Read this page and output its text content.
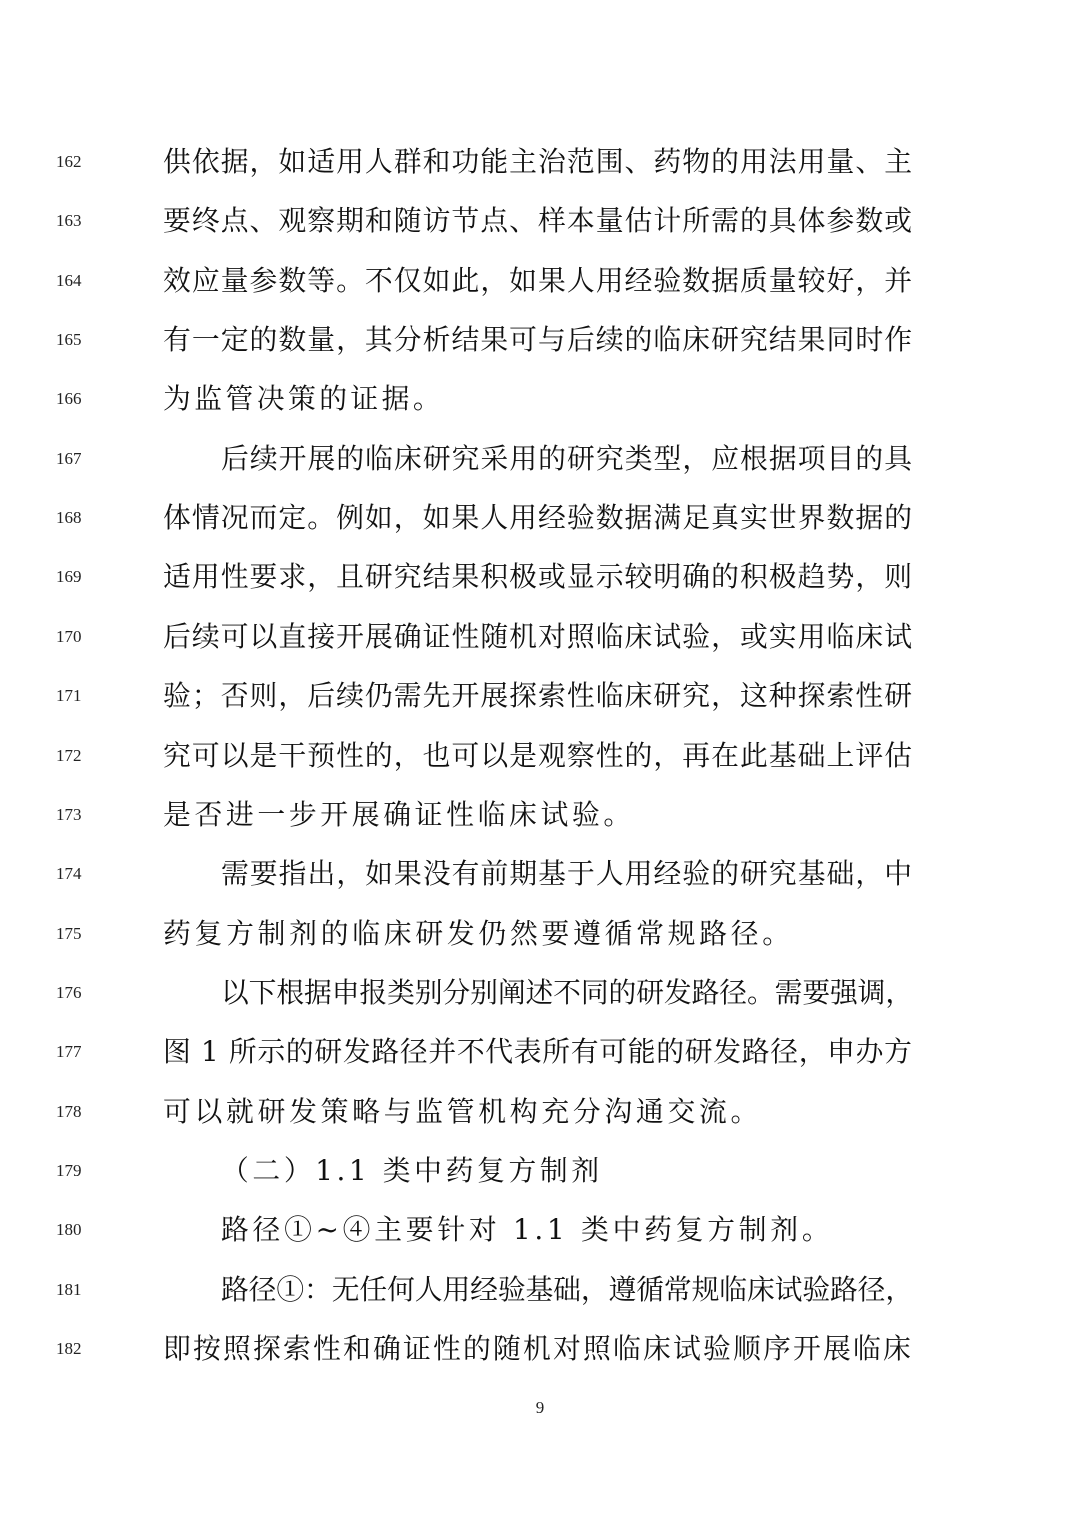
162	供依据，如适用人群和功能主治范围、药物的用法用量、主
163	要终点、观察期和随访节点、样本量估计所需的具体参数或
164	效应量参数等。不仅如此，如果人用经验数据质量较好，并
165	有一定的数量，其分析结果可与后续的临床研究结果同时作
166	为监管决策的证据。
167	后续开展的临床研究采用的研究类型，应根据项目的具
168	体情况而定。例如，如果人用经验数据满足真实世界数据的
169	适用性要求，且研究结果积极或显示较明确的积极趋势，则
170	后续可以直接开展确证性随机对照临床试验，或实用临床试
171	验；否则，后续仍需先开展探索性临床研究，这种探索性研
172	究可以是干预性的，也可以是观察性的，再在此基础上评估
173	是否进一步开展确证性临床试验。
174	需要指出，如果没有前期基于人用经验的研究基础，中
175	药复方制剂的临床研发仍然要遵循常规路径。
176	以下根据申报类别分别阐述不同的研发路径。需要强调，
177	图 1 所示的研发路径并不代表所有可能的研发路径，申办方
178	可以就研发策略与监管机构充分沟通交流。
179	（二）1.1 类中药复方制剂
180	路径①~④主要针对 1.1 类中药复方制剂。
181	路径①：无任何人用经验基础，遵循常规临床试验路径，
182	即按照探索性和确证性的随机对照临床试验顺序开展临床
9
